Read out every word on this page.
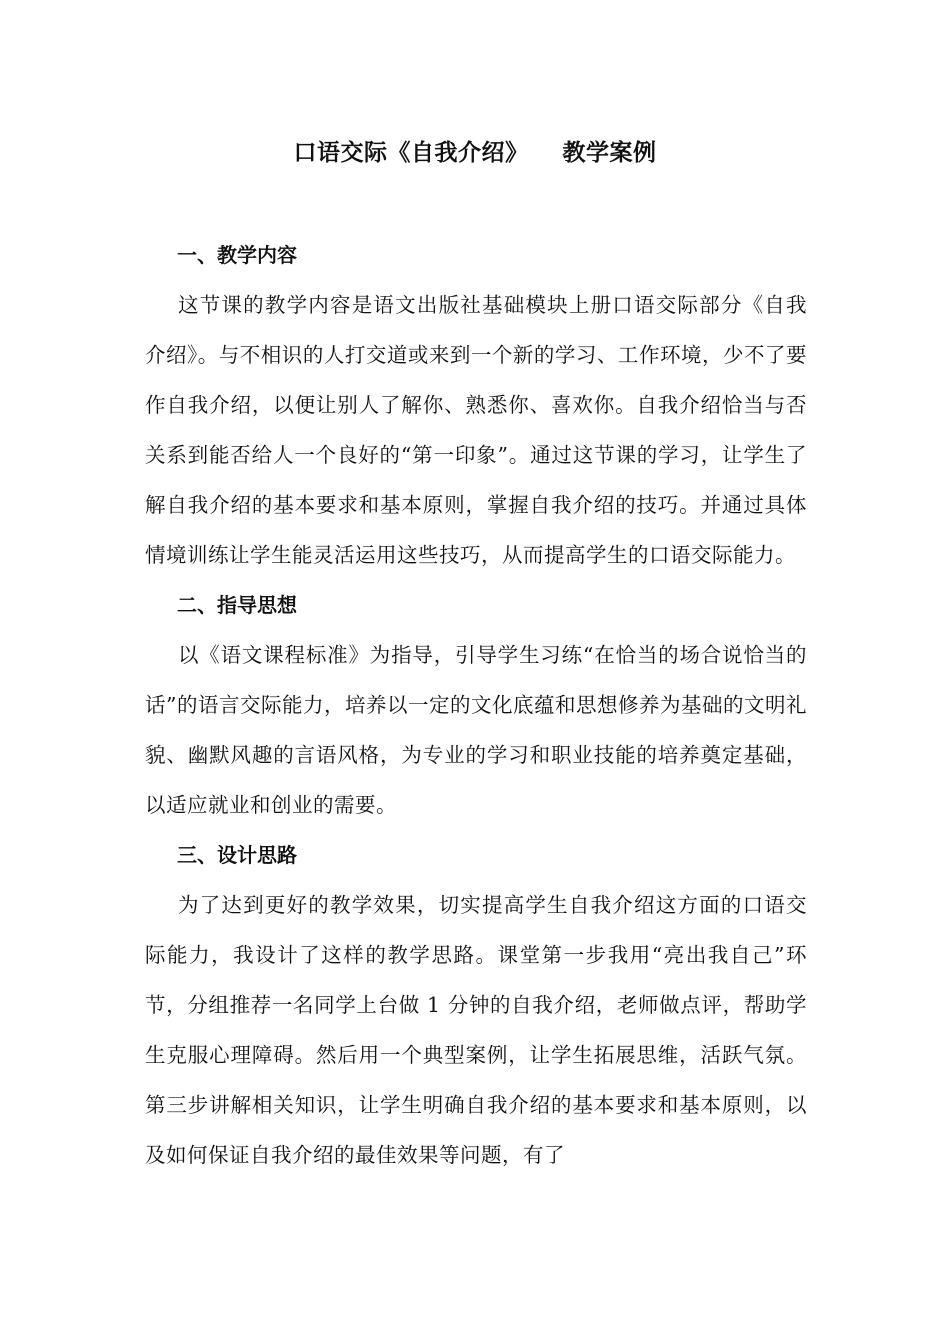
口语交际《自我介绍》    教学案例
一、教学内容

这节课的教学内容是语文出版社基础模块上册口语交际部分《自我介绍》。与不相识的人打交道或来到一个新的学习、工作环境，少不了要作自我介绍，以便让别人了解你、熟悉你、喜欢你。自我介绍恰当与否关系到能否给人一个良好的“第一印象”。通过这节课的学习，让学生了解自我介绍的基本要求和基本原则，掌握自我介绍的技巧。并通过具体情境训练让学生能灵活运用这些技巧，从而提高学生的口语交际能力。

二、指导思想

以《语文课程标准》为指导，引导学生习练“在恰当的场合说恰当的话”的语言交际能力，培养以一定的文化底蕴和思想修养为基础的文明礼貌、幽默风趣的言语风格，为专业的学习和职业技能的培养奠定基础，以适应就业和创业的需要。

三、设计思路

为了达到更好的教学效果，切实提高学生自我介绍这方面的口语交际能力，我设计了这样的教学思路。课堂第一步我用“亮出我自己”环节，分组推荐一名同学上台做 1 分钟的自我介绍，老师做点评，帮助学生克服心理障碍。然后用一个典型案例，让学生拓展思维，活跃气氛。第三步讲解相关知识，让学生明确自我介绍的基本要求和基本原则，以及如何保证自我介绍的最佳效果等问题，有了
